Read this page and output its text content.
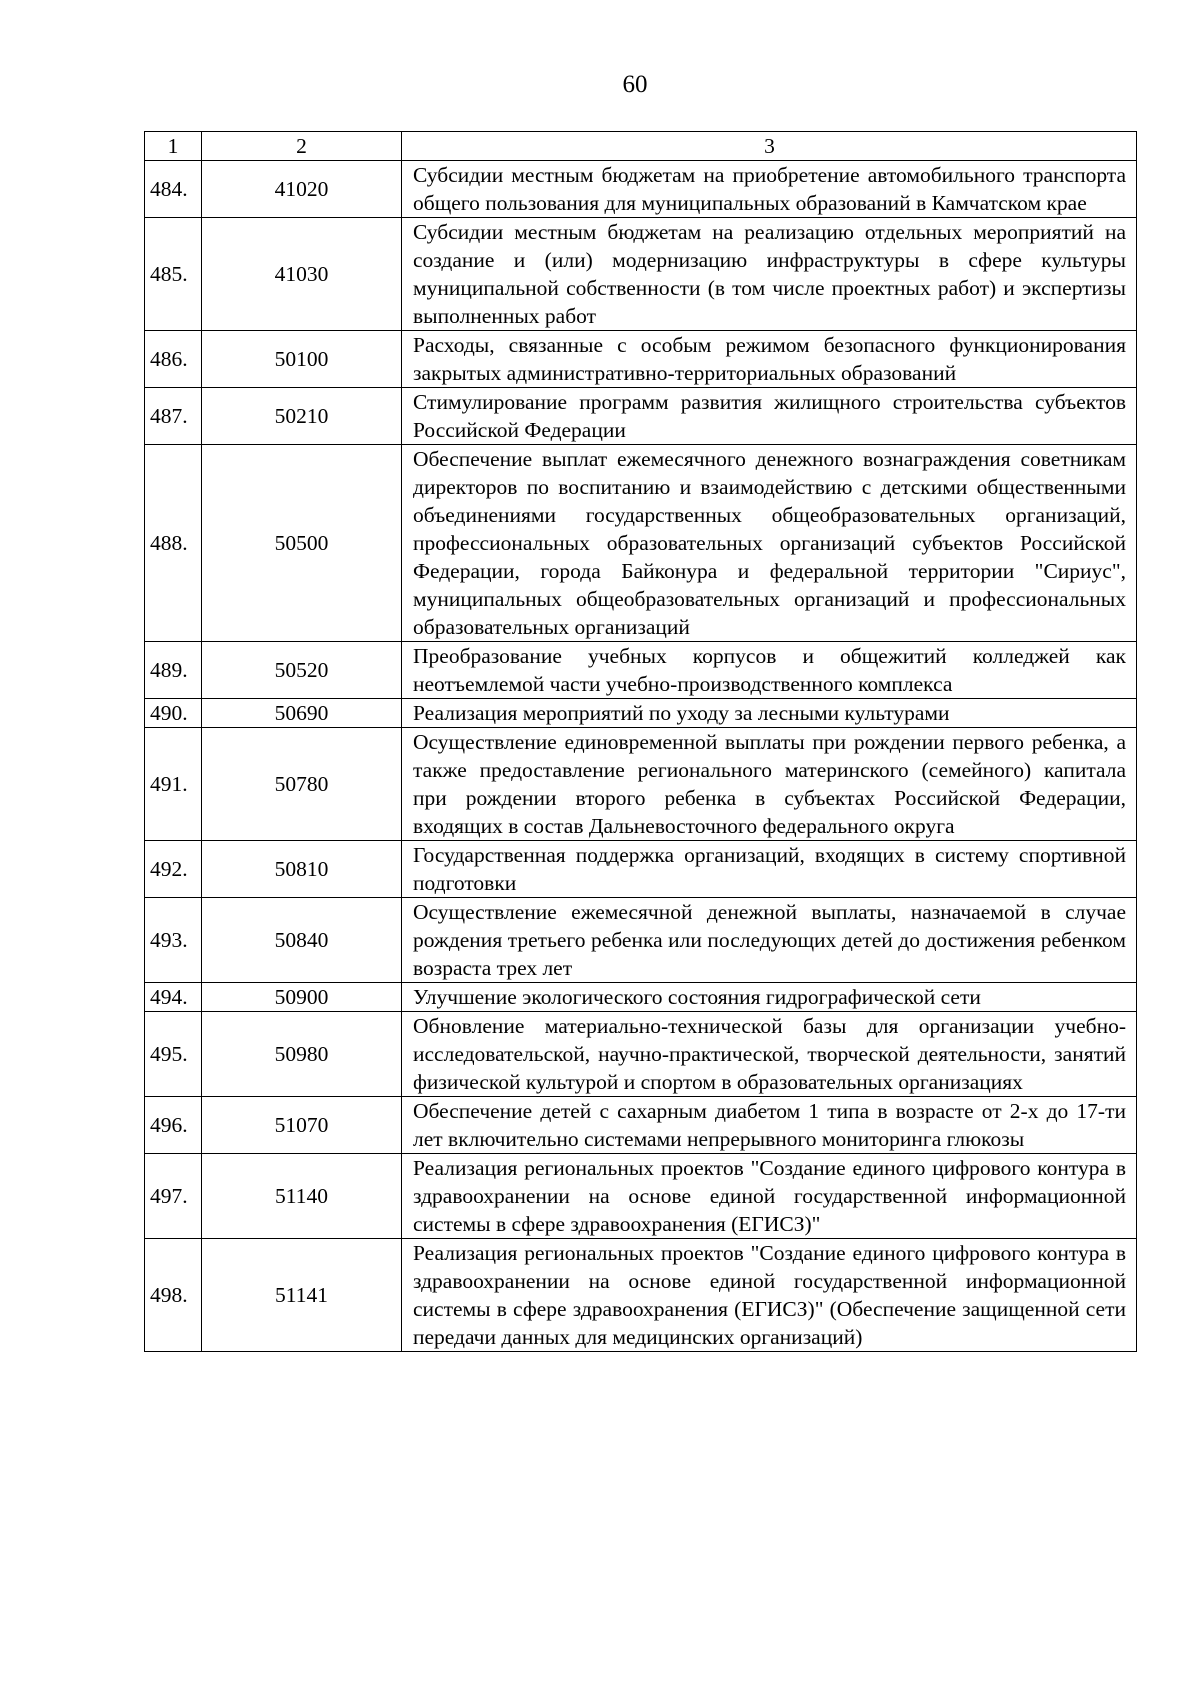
60
1	2	3
484.	41020	Субсидии местным бюджетам на приобретение автомобильного транспорта общего пользования для муниципальных образований в Камчатском крае
485.	41030	Субсидии местным бюджетам на реализацию отдельных мероприятий на создание и (или) модернизацию инфраструктуры в сфере культуры муниципальной собственности (в том числе проектных работ) и экспертизы выполненных работ
486.	50100	Расходы, связанные с особым режимом безопасного функционирования закрытых административно-территориальных образований
487.	50210	Стимулирование программ развития жилищного строительства субъектов Российской Федерации
488.	50500	Обеспечение выплат ежемесячного денежного вознаграждения советникам директоров по воспитанию и взаимодействию с детскими общественными объединениями государственных общеобразовательных организаций, профессиональных образовательных организаций субъектов Российской Федерации, города Байконура и федеральной территории "Сириус", муниципальных общеобразовательных организаций и профессиональных образовательных организаций
489.	50520	Преобразование учебных корпусов и общежитий колледжей как неотъемлемой части учебно-производственного комплекса
490.	50690	Реализация мероприятий по уходу за лесными культурами
491.	50780	Осуществление единовременной выплаты при рождении первого ребенка, а также предоставление регионального материнского (семейного) капитала при рождении второго ребенка в субъектах Российской Федерации, входящих в состав Дальневосточного федерального округа
492.	50810	Государственная поддержка организаций, входящих в систему спортивной подготовки
493.	50840	Осуществление ежемесячной денежной выплаты, назначаемой в случае рождения третьего ребенка или последующих детей до достижения ребенком возраста трех лет
494.	50900	Улучшение экологического состояния гидрографической сети
495.	50980	Обновление материально-технической базы для организации учебно-исследовательской, научно-практической, творческой деятельности, занятий физической культурой и спортом в образовательных организациях
496.	51070	Обеспечение детей с сахарным диабетом 1 типа в возрасте от 2-х до 17-ти лет включительно системами непрерывного мониторинга глюкозы
497.	51140	Реализация региональных проектов "Создание единого цифрового контура в здравоохранении на основе единой государственной информационной системы в сфере здравоохранения (ЕГИСЗ)"
498.	51141	Реализация региональных проектов "Создание единого цифрового контура в здравоохранении на основе единой государственной информационной системы в сфере здравоохранения (ЕГИСЗ)" (Обеспечение защищенной сети передачи данных для медицинских организаций)
